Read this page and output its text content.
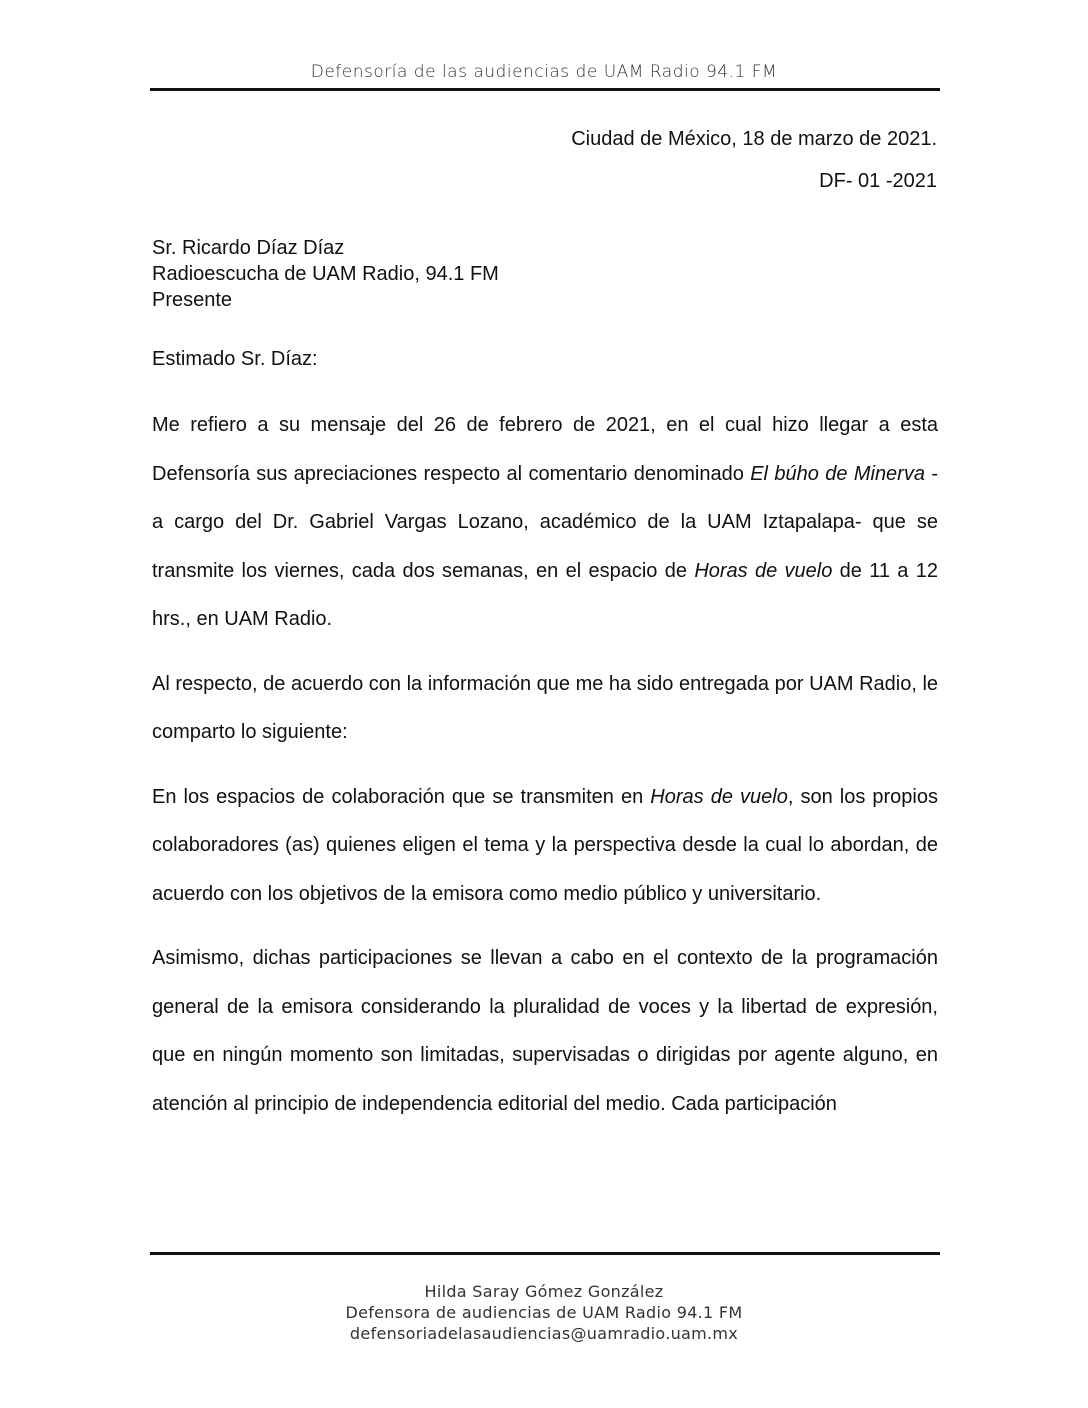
Defensoría de las audiencias de UAM Radio 94.1 FM
Ciudad de México, 18 de marzo de 2021.
DF- 01 -2021
Sr. Ricardo Díaz Díaz
Radioescucha de UAM Radio, 94.1 FM
Presente
Estimado Sr. Díaz:

Me refiero a su mensaje del 26 de febrero de 2021, en el cual hizo llegar a esta Defensoría sus apreciaciones respecto al comentario denominado El búho de Minerva -a cargo del Dr. Gabriel Vargas Lozano, académico de la UAM Iztapalapa- que se transmite los viernes, cada dos semanas, en el espacio de Horas de vuelo de 11 a 12 hrs., en UAM Radio.

Al respecto, de acuerdo con la información que me ha sido entregada por UAM Radio, le comparto lo siguiente:

En los espacios de colaboración que se transmiten en Horas de vuelo, son los propios colaboradores (as) quienes eligen el tema y la perspectiva desde la cual lo abordan, de acuerdo con los objetivos de la emisora como medio público y universitario.

Asimismo, dichas participaciones se llevan a cabo en el contexto de la programación general de la emisora considerando la pluralidad de voces y la libertad de expresión, que en ningún momento son limitadas, supervisadas o dirigidas por agente alguno, en atención al principio de independencia editorial del medio. Cada participación

Hilda Saray Gómez González
Defensora de audiencias de UAM Radio 94.1 FM
defensoriadelasaudiencias@uamradio.uam.mx
